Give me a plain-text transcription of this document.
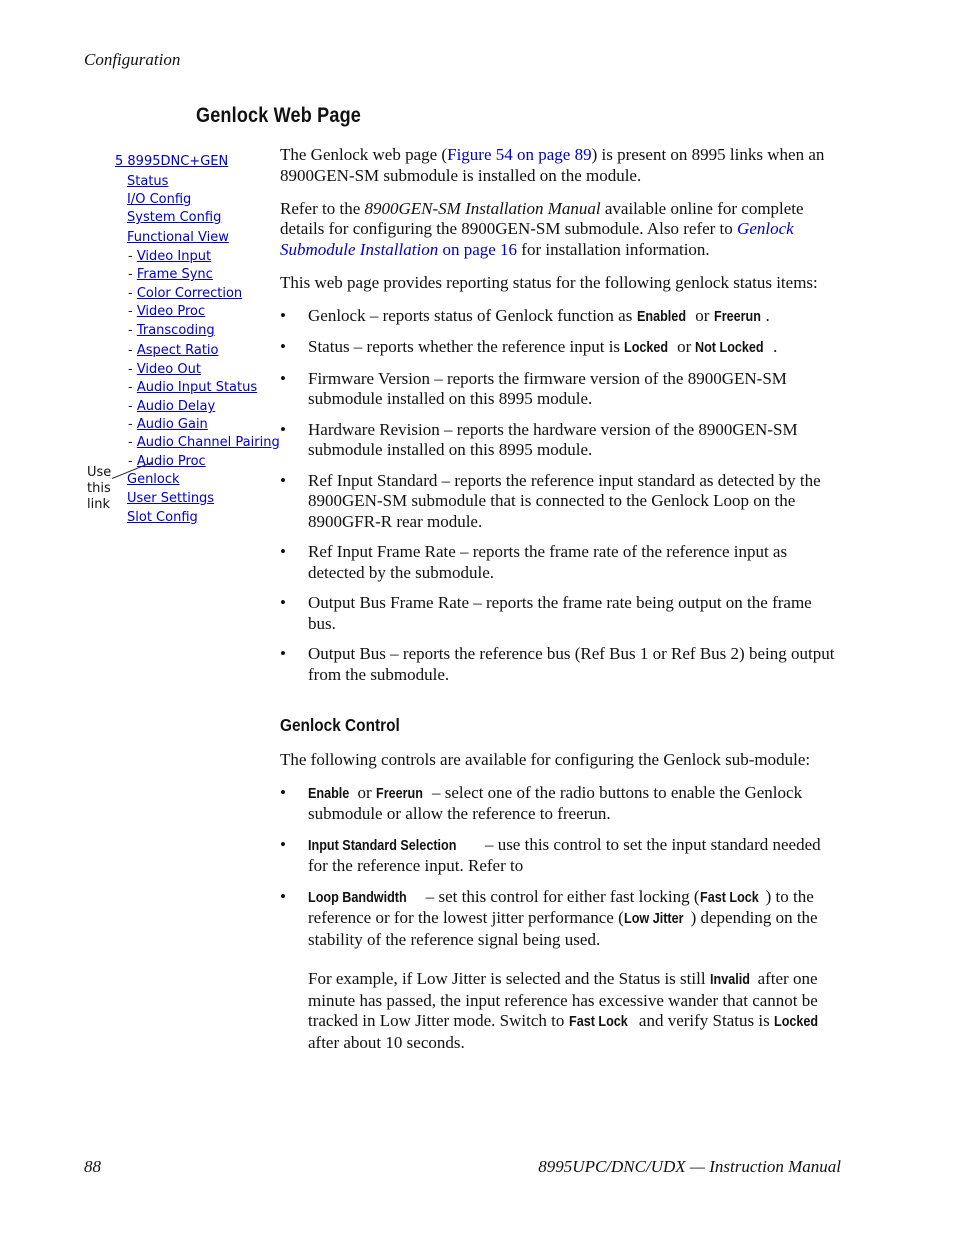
Configuration
Genlock Web Page
Use
this
link
5 8995DNC+GEN
Status
I/O Config
System Config
Functional View
- Video Input
- Frame Sync
- Color Correction
- Video Proc
- Transcoding
- Aspect Ratio
- Video Out
- Audio Input Status
- Audio Delay
- Audio Gain
- Audio Channel Pairing
- Audio Proc
Genlock
User Settings
Slot Config

The Genlock web page (Figure 54 on page 89) is present on 8995 links when an 8900GEN-SM submodule is installed on the module.

Refer to the 8900GEN-SM Installation Manual available online for complete details for configuring the 8900GEN-SM submodule. Also refer to Genlock Submodule Installation on page 16 for installation information.

This web page provides reporting status for the following genlock status items:

• Genlock – reports status of Genlock function as Enabled or Freerun .
• Status – reports whether the reference input is Locked or Not Locked .
• Firmware Version – reports the firmware version of the 8900GEN-SM submodule installed on this 8995 module.
• Hardware Revision – reports the hardware version of the 8900GEN-SM submodule installed on this 8995 module.
• Ref Input Standard – reports the reference input standard as detected by the 8900GEN-SM submodule that is connected to the Genlock Loop on the 8900GFR-R rear module.
• Ref Input Frame Rate – reports the frame rate of the reference input as detected by the submodule.
• Output Bus Frame Rate – reports the frame rate being output on the frame bus.
• Output Bus – reports the reference bus (Ref Bus 1 or Ref Bus 2) being output from the submodule.
Genlock Control

The following controls are available for configuring the Genlock sub-module:

• Enable or Freerun – select one of the radio buttons to enable the Genlock submodule or allow the reference to freerun.
• Input Standard Selection – use this control to set the input standard needed for the reference input. Refer to
• Loop Bandwidth – set this control for either fast locking (Fast Lock ) to the reference or for the lowest jitter performance (Low Jitter ) depending on the stability of the reference signal being used.

For example, if Low Jitter is selected and the Status is still Invalid after one minute has passed, the input reference has excessive wander that cannot be tracked in Low Jitter mode. Switch to Fast Lock and verify Status is Locked after about 10 seconds.

88	8995UPC/DNC/UDX — Instruction Manual
